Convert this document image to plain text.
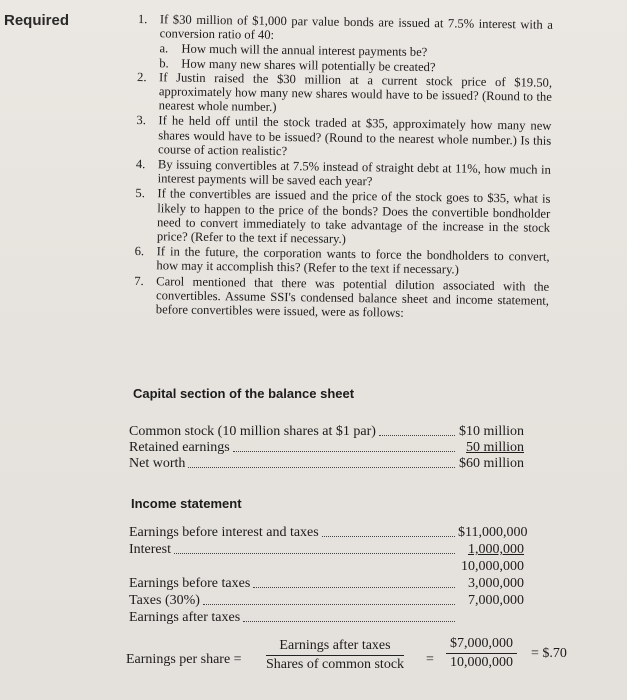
Required	1. If $30 million of $1,000 par value bonds are issued at 7.5% interest with a conversion ratio of 40:
a.	How much will the annual interest payments be?
b. How many new shares will potentially be created?
2. If Justin raised the $30 million at a current stock price of $19.50, approximately how many new shares would have to be issued? (Round to the nearest whole number.)
3. If he held off until the stock traded at $35, approximately how many new shares would have to be issued? (Round to the nearest whole number.) Is this course of action realistic?
4. By issuing convertibles at 7.5% instead of straight debt at 11%, how much in interest payments will be saved each year?
5. If the convertibles are issued and the price of the stock goes to $35, what is likely to happen to the price of the bonds? Does the convertible bondholder need to convert immediately to take advantage of the increase in the stock price? (Refer to the text if necessary.)
6. If in the future, the corporation wants to force the bondholders to convert, how may it accomplish this? (Refer to the text if necessary.)
7. Carol mentioned that there was potential dilution associated with the convertibles. Assume SSI's condensed balance sheet and income statement, before convertibles were issued, were as follows:
Capital section of the balance sheet
Common stock (10 million shares at $1 par)	$10 million
Retained earnings	50 million
Net worth	$60 million
Income statement
Earnings before interest and taxes	$11,000,000
Interest	1,000,000
10,000,000
Earnings before taxes	3,000,000
Taxes (30%)	7,000,000
Earnings after taxes
Earnings per share =
Earnings after taxes
Shares of common stock = $\frac{\$7,000,000}{10,000,000}$ = $.70
